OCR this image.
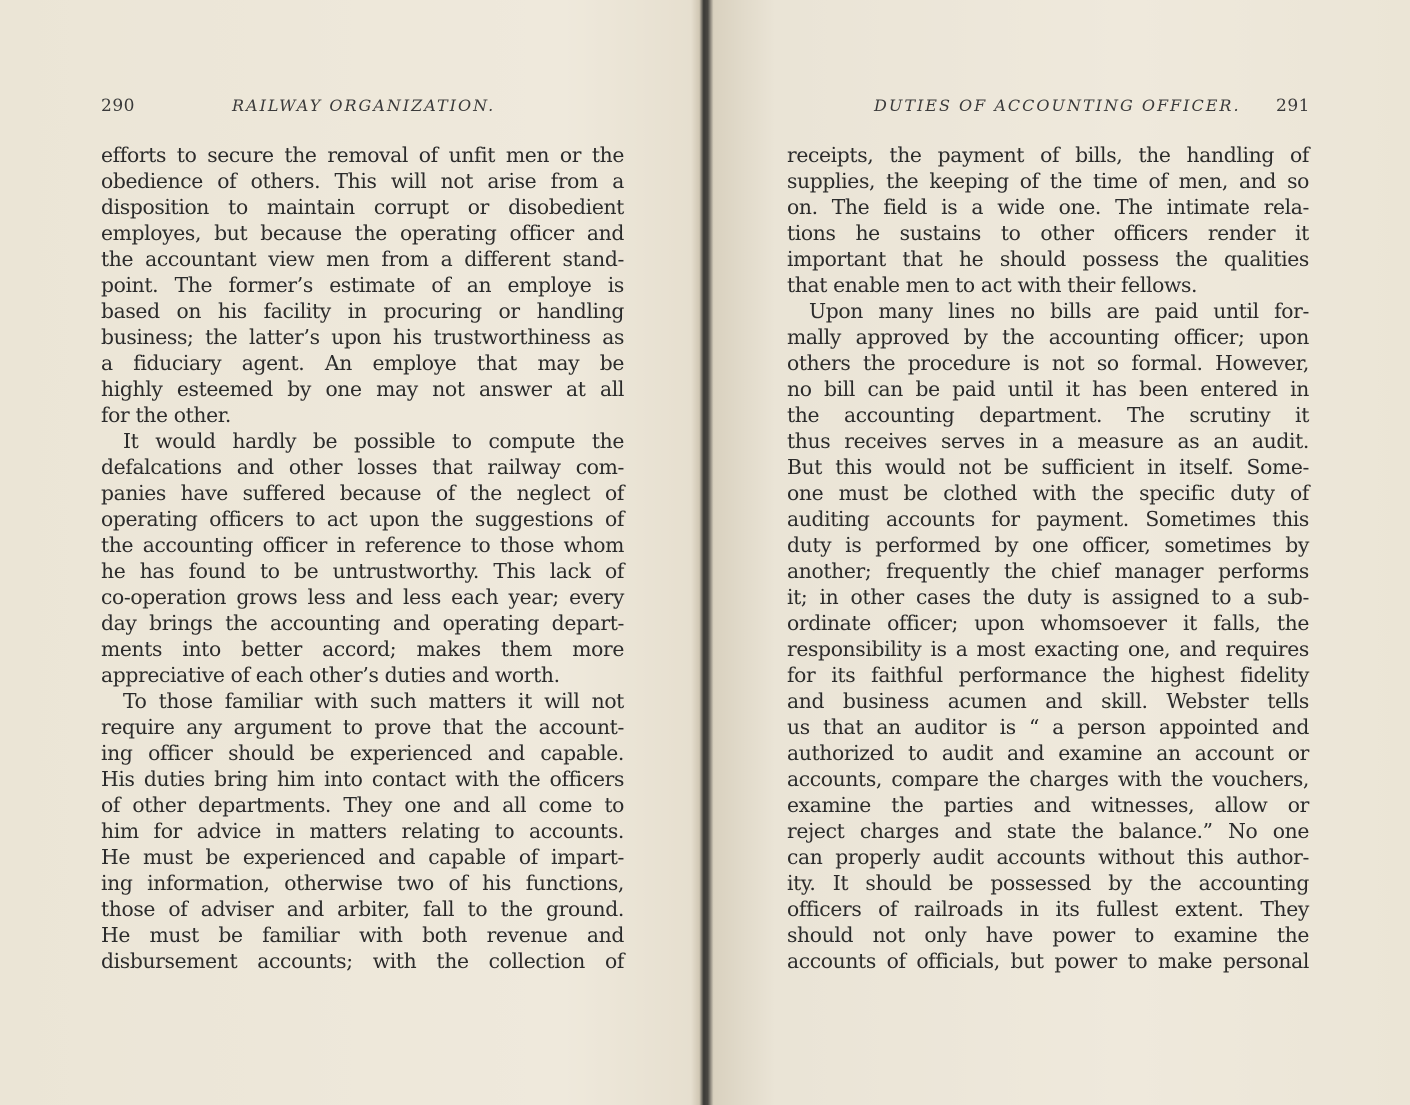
290	RAILWAY ORGANIZATION.
efforts to secure the removal of unfit men or the
obedience of others. This will not arise from a
disposition to maintain corrupt or disobedient
employes, but because the operating officer and
the accountant view men from a different stand-
point. The former’s estimate of an employe is
based on his facility in procuring or handling
business; the latter’s upon his trustworthiness as
a fiduciary agent. An employe that may be
highly esteemed by one may not answer at all
for the other.
It would hardly be possible to compute the
defalcations and other losses that railway com-
panies have suffered because of the neglect of
operating officers to act upon the suggestions of
the accounting officer in reference to those whom
he has found to be untrustworthy. This lack of
co-operation grows less and less each year; every
day brings the accounting and operating depart-
ments into better accord; makes them more
appreciative of each other’s duties and worth.
To those familiar with such matters it will not
require any argument to prove that the account-
ing officer should be experienced and capable.
His duties bring him into contact with the officers
of other departments. They one and all come to
him for advice in matters relating to accounts.
He must be experienced and capable of impart-
ing information, otherwise two of his functions,
those of adviser and arbiter, fall to the ground.
He must be familiar with both revenue and
disbursement accounts; with the collection of
DUTIES OF ACCOUNTING OFFICER. 291
receipts, the payment of bills, the handling of
supplies, the keeping of the time of men, and so
on. The field is a wide one. The intimate rela-
tions he sustains to other officers render it
important that he should possess the qualities
that enable men to act with their fellows.
Upon many lines no bills are paid until for-
mally approved by the accounting officer; upon
others the procedure is not so formal. However,
no bill can be paid until it has been entered in
the accounting department. The scrutiny it
thus receives serves in a measure as an audit.
But this would not be sufficient in itself. Some-
one must be clothed with the specific duty of
auditing accounts for payment. Sometimes this
duty is performed by one officer, sometimes by
another; frequently the chief manager performs
it; in other cases the duty is assigned to a sub-
ordinate officer; upon whomsoever it falls, the
responsibility is a most exacting one, and requires
for its faithful performance the highest fidelity
and business acumen and skill. Webster tells
us that an auditor is “ a person appointed and
authorized to audit and examine an account or
accounts, compare the charges with the vouchers,
examine the parties and witnesses, allow or
reject charges and state the balance.” No one
can properly audit accounts without this author-
ity. It should be possessed by the accounting
officers of railroads in its fullest extent. They
should not only have power to examine the
accounts of officials, but power to make personal
